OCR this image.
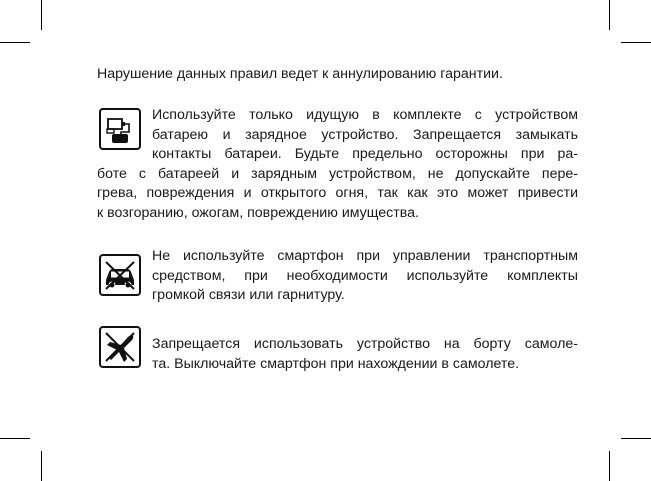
Нарушение данных правил ведет к аннулированию гарантии.
Используйте только идущую в комплекте с устройством
батарею и зарядное устройство. Запрещается замыкать
контакты батареи. Будьте предельно осторожны при ра-
боте с батареей и зарядным устройством, не допускайте пере-
грева, повреждения и открытого огня, так как это может привести
к возгоранию, ожогам, повреждению имущества.
Не используйте смартфон при управлении транспортным
средством, при необходимости используйте комплекты
громкой связи или гарнитуру.
Запрещается использовать устройство на борту самоле-
та. Выключайте смартфон при нахождении в самолете.
